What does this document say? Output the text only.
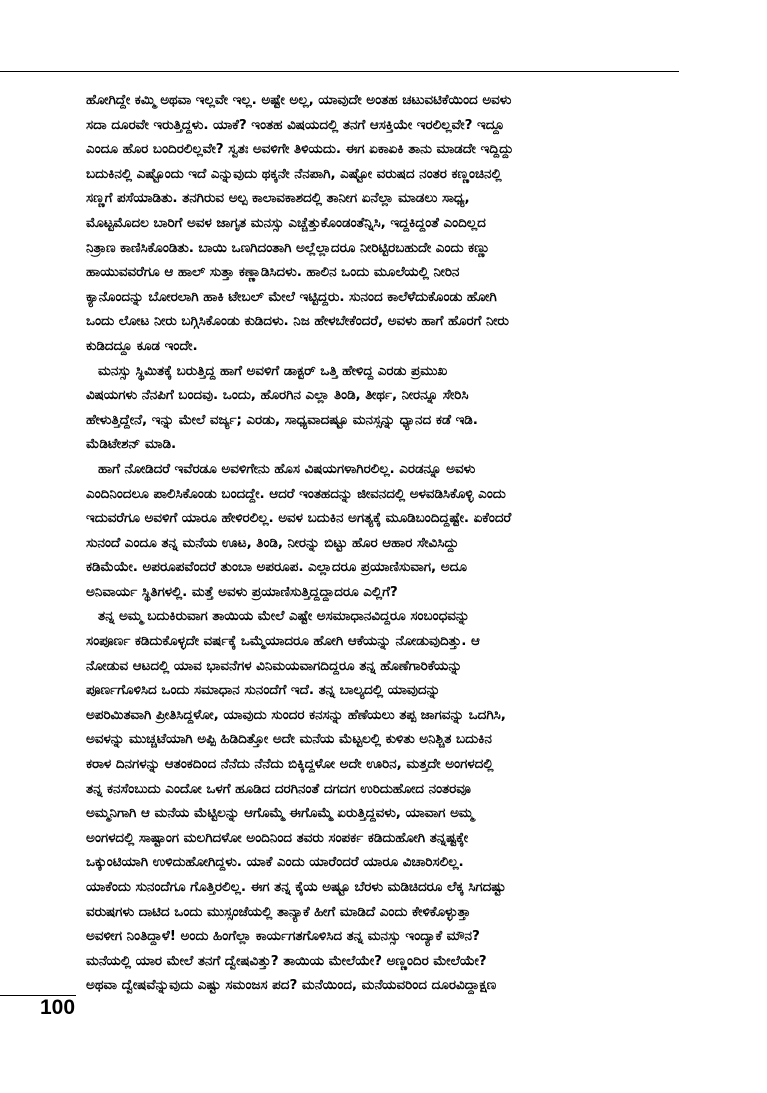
ಹೋಗಿದ್ದೇ ಕಮ್ಮಿ ಅಥವಾ ಇಲ್ಲವೇ ಇಲ್ಲ. ಅಷ್ಟೇ ಅಲ್ಲ, ಯಾವುದೇ ಅಂತಹ ಚಟುವಟಿಕೆಯಿಂದ ಅವಳು
ಸದಾ ದೂರವೇ ಇರುತ್ತಿದ್ದಳು. ಯಾಕೆ? ಇಂತಹ ವಿಷಯದಲ್ಲಿ ತನಗೆ ಆಸಕ್ತಿಯೇ ಇರಲಿಲ್ಲವೇ? ಇದ್ದೂ
ಎಂದೂ ಹೊರ ಬಂದಿರಲಿಲ್ಲವೇ? ಸ್ವತಃ ಅವಳಿಗೇ ತಿಳಿಯದು. ಈಗ ಏಕಾಏಕಿ ತಾನು ಮಾಡದೇ ಇದ್ದಿದ್ದು
ಬದುಕಿನಲ್ಲಿ ಎಷ್ಟೊಂದು ಇದೆ ಎನ್ನುವುದು ಥಕ್ಕನೇ ನೆನಪಾಗಿ, ಎಷ್ಟೋ ವರುಷದ ನಂತರ ಕಣ್ಣಂಚಿನಲ್ಲಿ
ಸಣ್ಣಗೆ ಪಸೆಯಾಡಿತು. ತನಗಿರುವ ಅಲ್ಪ ಕಾಲಾವಕಾಶದಲ್ಲಿ ತಾನೀಗ ಏನೆಲ್ಲಾ ಮಾಡಲು ಸಾಧ್ಯ,
ಮೊಟ್ಟಮೊದಲ ಬಾರಿಗೆ ಅವಳ ಜಾಗೃತ ಮನಸ್ಸು ಎಚ್ಚೆತ್ತುಕೊಂಡಂತೆನ್ನಿಸಿ, ಇದ್ದಕಿದ್ದಂತೆ ಎಂದಿಲ್ಲದ
ನಿತ್ರಾಣ ಕಾಣಿಸಿಕೊಂಡಿತು. ಬಾಯಿ ಒಣಗಿದಂತಾಗಿ ಅಲ್ಲೆಲ್ಲಾದರೂ ನೀರಿಟ್ಟಿರಬಹುದೇ ಎಂದು ಕಣ್ಣು
ಹಾಯುವವರೆಗೂ ಆ ಹಾಲ್ ಸುತ್ತಾ ಕಣ್ಣಾಡಿಸಿದಳು. ಹಾಲಿನ ಒಂದು ಮೂಲೆಯಲ್ಲಿ ನೀರಿನ
ಕ್ಯಾನೊಂದನ್ನು ಬೋರಲಾಗಿ ಹಾಕಿ ಟೇಬಲ್ ಮೇಲೆ ಇಟ್ಟಿದ್ದರು. ಸುನಂದ ಕಾಲೆಳೆದುಕೊಂಡು ಹೋಗಿ
ಒಂದು ಲೋಟ ನೀರು ಬಗ್ಗಿಸಿಕೊಂಡು ಕುಡಿದಳು. ನಿಜ ಹೇಳಬೇಕೆಂದರೆ, ಅವಳು ಹಾಗೆ ಹೊರಗೆ ನೀರು
ಕುಡಿದದ್ದೂ ಕೂಡ ಇಂದೇ.
ಮನಸ್ಸು ಸ್ಥಿಮಿತಕ್ಕೆ ಬರುತ್ತಿದ್ದ ಹಾಗೆ ಅವಳಿಗೆ ಡಾಕ್ಟರ್ ಒತ್ತಿ ಹೇಳಿದ್ದ ಎರಡು ಪ್ರಮುಖ
ವಿಷಯಗಳು ನೆನಪಿಗೆ ಬಂದವು. ಒಂದು, ಹೊರಗಿನ ಎಲ್ಲಾ ತಿಂಡಿ, ತೀರ್ಥ, ನೀರನ್ನೂ ಸೇರಿಸಿ
ಹೇಳುತ್ತಿದ್ದೇನೆ, ಇನ್ನು ಮೇಲೆ ವರ್ಜ್ಯ; ಎರಡು, ಸಾಧ್ಯವಾದಷ್ಟೂ ಮನಸ್ಸನ್ನು ಧ್ಯಾನದ ಕಡೆ ಇಡಿ.
ಮೆಡಿಟೇಶನ್ ಮಾಡಿ.
ಹಾಗೆ ನೋಡಿದರೆ ಇವೆರಡೂ ಅವಳಿಗೇನು ಹೊಸ ವಿಷಯಗಳಾಗಿರಲಿಲ್ಲ. ಎರಡನ್ನೂ ಅವಳು
ಎಂದಿನಿಂದಲೂ ಪಾಲಿಸಿಕೊಂಡು ಬಂದದ್ದೇ. ಆದರೆ ಇಂತಹದನ್ನು ಜೀವನದಲ್ಲಿ ಅಳವಡಿಸಿಕೊಳ್ಳಿ ಎಂದು
ಇದುವರೆಗೂ ಅವಳಿಗೆ ಯಾರೂ ಹೇಳಿರಲಿಲ್ಲ. ಅವಳ ಬದುಕಿನ ಅಗತ್ಯಕ್ಕೆ ಮೂಡಿಬಂದಿದ್ದಷ್ಟೇ. ಏಕೆಂದರೆ
ಸುನಂದೆ ಎಂದೂ ತನ್ನ ಮನೆಯ ಊಟ, ತಿಂಡಿ, ನೀರನ್ನು ಬಿಟ್ಟು ಹೊರ ಆಹಾರ ಸೇವಿಸಿದ್ದು
ಕಡಿಮೆಯೇ. ಅಪರೂಪವೆಂದರೆ ತುಂಬಾ ಅಪರೂಪ. ಎಲ್ಲಾದರೂ ಪ್ರಯಾಣಿಸುವಾಗ, ಅದೂ
ಅನಿವಾರ್ಯ ಸ್ಥಿತಿಗಳಲ್ಲಿ. ಮತ್ತೆ ಅವಳು ಪ್ರಯಾಣಿಸುತ್ತಿದ್ದದ್ದಾದರೂ ಎಲ್ಲಿಗೆ?
ತನ್ನ ಅಮ್ಮ ಬದುಕಿರುವಾಗ ತಾಯಿಯ ಮೇಲೆ ಎಷ್ಟೇ ಅಸಮಾಧಾನವಿದ್ದರೂ ಸಂಬಂಧವನ್ನು
ಸಂಪೂರ್ಣ ಕಡಿದುಕೊಳ್ಳದೇ ವರ್ಷಕ್ಕೆ ಒಮ್ಮೆಯಾದರೂ ಹೋಗಿ ಆಕೆಯನ್ನು ನೋಡುವುದಿತ್ತು. ಆ
ನೋಡುವ ಆಟದಲ್ಲಿ ಯಾವ ಭಾವನೆಗಳ ವಿನಿಮಯವಾಗದಿದ್ದರೂ ತನ್ನ ಹೊಣೆಗಾರಿಕೆಯನ್ನು
ಪೂರ್ಣಗೊಳಿಸಿದ ಒಂದು ಸಮಾಧಾನ ಸುನಂದೆಗೆ ಇದೆ. ತನ್ನ ಬಾಲ್ಯದಲ್ಲಿ ಯಾವುದನ್ನು
ಅಪರಿಮಿತವಾಗಿ ಪ್ರೀತಿಸಿದ್ದಳೋ, ಯಾವುದು ಸುಂದರ ಕನಸನ್ನು ಹೆಣೆಯಲು ತಪ್ಪ ಜಾಗವನ್ನು ಒದಗಿಸಿ,
ಅವಳನ್ನು ಮುಚ್ಚಟೆಯಾಗಿ ಅಪ್ಪಿ ಹಿಡಿದಿತ್ತೋ ಅದೇ ಮನೆಯ ಮೆಟ್ಟಲಲ್ಲಿ ಕುಳಿತು ಅನಿಶ್ಚಿತ ಬದುಕಿನ
ಕರಾಳ ದಿನಗಳನ್ನು ಆತಂಕದಿಂದ ನೆನೆದು ನೆನೆದು ಬಿಕ್ಕಿದ್ದಳೋ ಅದೇ ಊರಿನ, ಮತ್ತದೇ ಅಂಗಳದಲ್ಲಿ
ತನ್ನ ಕನಸೆಂಬುದು ಎಂದೋ ಒಳಗೆ ಹೂಡಿದ ದರಗಿನಂತೆ ದಗದಗ ಉರಿದುಹೋದ ನಂತರವೂ
ಅಮ್ಮನಿಗಾಗಿ ಆ ಮನೆಯ ಮೆಟ್ಟಿಲನ್ನು ಆಗೊಮ್ಮೆ ಈಗೊಮ್ಮೆ ಏರುತ್ತಿದ್ದವಳು, ಯಾವಾಗ ಅಮ್ಮ
ಅಂಗಳದಲ್ಲಿ ಸಾಷ್ಟಾಂಗ ಮಲಗಿದಳೋ ಅಂದಿನಿಂದ ತವರು ಸಂಪರ್ಕ ಕಡಿದುಹೋಗಿ ತನ್ನಷ್ಟಕ್ಕೇ
ಒಕ್ಕುಂಟಿಯಾಗಿ ಉಳಿದುಹೋಗಿದ್ದಳು. ಯಾಕೆ ಎಂದು ಯಾರೆಂದರೆ ಯಾರೂ ವಿಚಾರಿಸಲಿಲ್ಲ.
ಯಾಕೆಂದು ಸುನಂದೆಗೂ ಗೊತ್ತಿರಲಿಲ್ಲ. ಈಗ ತನ್ನ ಕೈಯ ಅಷ್ಟೂ ಬೆರಳು ಮಡಿಚಿದರೂ ಲೆಕ್ಕ ಸಿಗದಷ್ಟು
ವರುಷಗಳು ದಾಟಿದ ಒಂದು ಮುಸ್ಸಂಜೆಯಲ್ಲಿ ತಾನ್ಯಾಕೆ ಹೀಗೆ ಮಾಡಿದೆ ಎಂದು ಕೇಳಿಕೊಳ್ಳುತ್ತಾ
ಅವಳೀಗ ನಿಂತಿದ್ದಾಳೆ! ಅಂದು ಹಿಂಗೆಲ್ಲಾ ಕಾರ್ಯಗತಗೊಳಿಸಿದ ತನ್ನ ಮನಸ್ಸು ಇಂದ್ಯಾಕೆ ಮೌನ?
ಮನೆಯಲ್ಲಿ ಯಾರ ಮೇಲೆ ತನಗೆ ದ್ವೇಷವಿತ್ತು? ತಾಯಿಯ ಮೇಲೆಯೇ? ಅಣ್ಣಂದಿರ ಮೇಲೆಯೇ?
ಅಥವಾ ದ್ವೇಷವೆನ್ನುವುದು ಎಷ್ಟು ಸಮಂಜಸ ಪದ? ಮನೆಯಿಂದ, ಮನೆಯವರಿಂದ ದೂರವಿದ್ದಾಕ್ಷಣ
100
